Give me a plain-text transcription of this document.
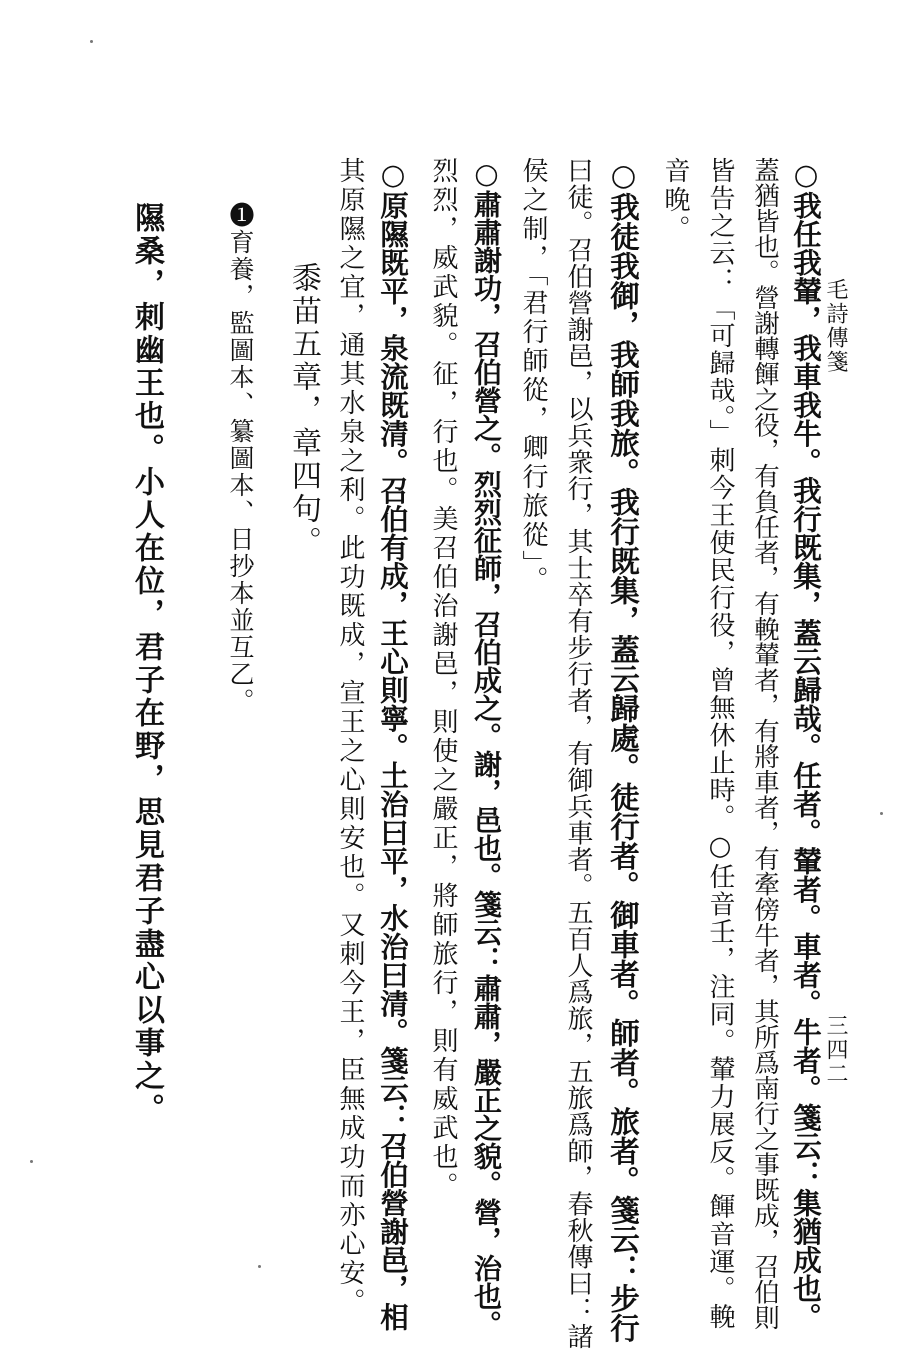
毛詩傳箋
三四二
○我任我輦，我車我牛。我行既集，蓋云歸哉。任者。輦者。車者。牛者。箋云：集猶成也。
蓋猶皆也。營謝轉餫之役，有負任者，有輓輦者，有將車者，有牽傍牛者，其所爲南行之事既成，召伯則
皆告之云：「可歸哉。」刺今王使民行役，曾無休止時。○任音壬，注同。輦力展反。餫音運。輓
音晚。
○我徒我御，我師我旅。我行既集，蓋云歸處。徒行者。御車者。師者。旅者。箋云：步行
曰徒。召伯營謝邑，以兵衆行，其士卒有步行者，有御兵車者。五百人爲旅，五旅爲師，春秋傳曰：諸
侯之制，「君行師從，卿行旅從」。
○肅肅謝功，召伯營之。烈烈征師，召伯成之。謝，邑也。箋云：肅肅，嚴正之貌。營，治也。
烈烈，威武貌。征，行也。美召伯治謝邑，則使之嚴正，將師旅行，則有威武也。
○原隰既平，泉流既清。召伯有成，王心則寧。土治曰平，水治曰清。箋云：召伯營謝邑，相
其原隰之宜，通其水泉之利。此功既成，宣王之心則安也。又刺今王，臣無成功而亦心安。
黍苗五章，章四句。
❶育養，監圖本、纂圖本、日抄本並互乙。
隰桑，刺幽王也。小人在位，君子在野，思見君子盡心以事之。
